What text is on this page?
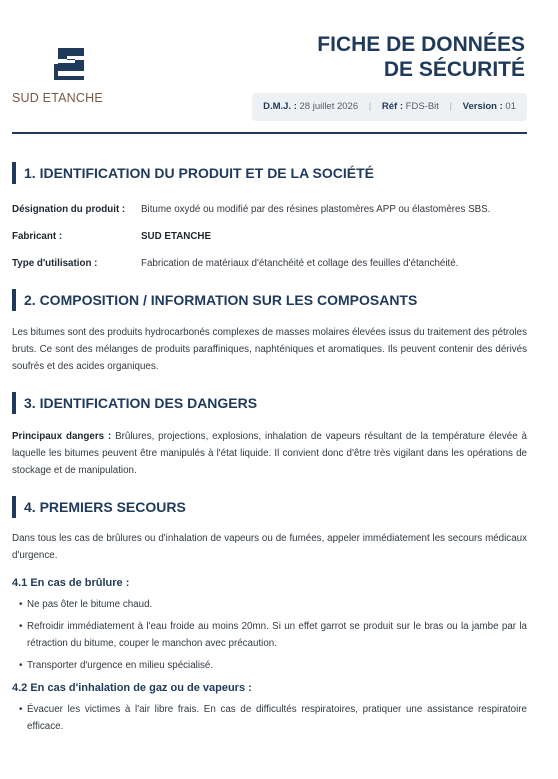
SUD ETANCHE
FICHE DE DONNÉES
DE SÉCURITÉ
D.M.J. : 28 juillet 2026 | Réf : FDS-Bit | Version : 01
1. IDENTIFICATION DU PRODUIT ET DE LA SOCIÉTÉ
Désignation du produit :	Bitume oxydé ou modifié par des résines plastomères APP ou élastomères SBS.
Fabricant :	SUD ETANCHE
Type d'utilisation :	Fabrication de matériaux d'étanchéité et collage des feuilles d'étanchéité.
2. COMPOSITION / INFORMATION SUR LES COMPOSANTS

Les bitumes sont des produits hydrocarbonés complexes de masses molaires élevées issus du traitement des pétroles bruts. Ce sont des mélanges de produits paraffiniques, naphténiques et aromatiques. Ils peuvent contenir des dérivés soufrés et des acides organiques.

3. IDENTIFICATION DES DANGERS

Principaux dangers : Brûlures, projections, explosions, inhalation de vapeurs résultant de la température élevée à laquelle les bitumes peuvent être manipulés à l'état liquide. Il convient donc d'être très vigilant dans les opérations de stockage et de manipulation.

4. PREMIERS SECOURS

Dans tous les cas de brûlures ou d'inhalation de vapeurs ou de fumées, appeler immédiatement les secours médicaux d'urgence.

4.1 En cas de brûlure :
• Ne pas ôter le bitume chaud.
• Refroidir immédiatement à l'eau froide au moins 20mn. Si un effet garrot se produit sur le bras ou la jambe par la rétraction du bitume, couper le manchon avec précaution.
• Transporter d'urgence en milieu spécialisé.
4.2 En cas d'inhalation de gaz ou de vapeurs :
• Évacuer les victimes à l'air libre frais. En cas de difficultés respiratoires, pratiquer une assistance respiratoire efficace.
